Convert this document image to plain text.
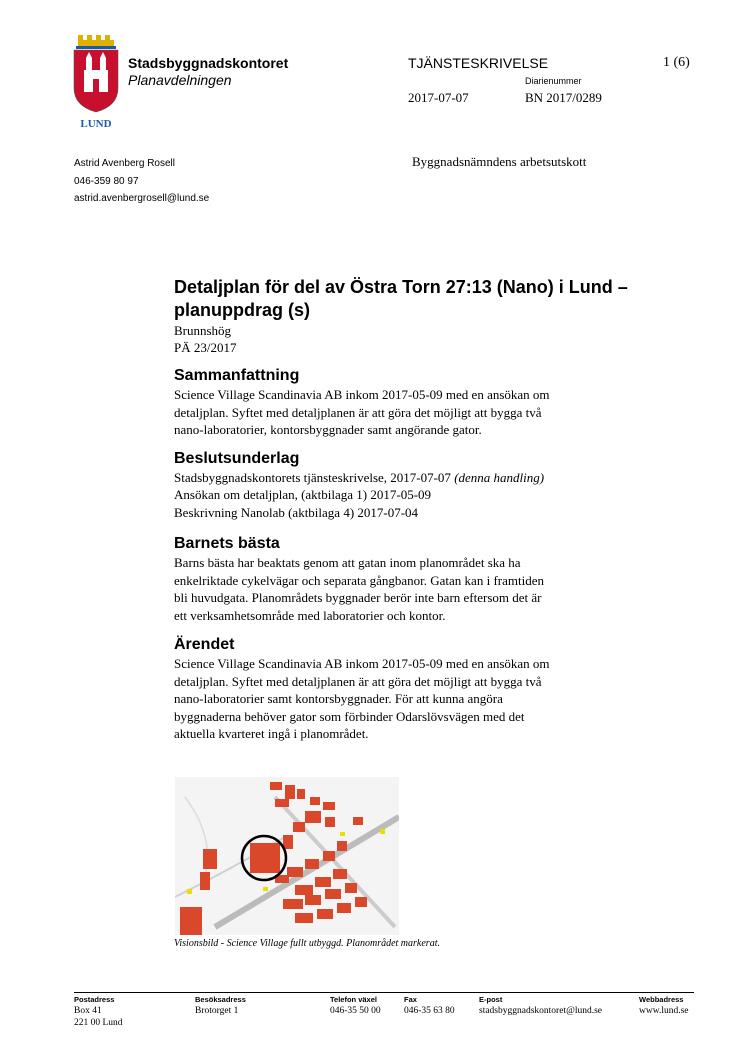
LUND
Stadsbyggnadskontoret
Planavdelningen
TJÄNSTESKRIVELSE	1 (6)
Diarienummer
2017-07-07	BN 2017/0289
Astrid Avenberg Rosell
046-359 80 97
astrid.avenbergrosell@lund.se
Byggnadsnämndens arbetsutskott
Detaljplan för del av Östra Torn 27:13 (Nano) i Lund –
planuppdrag (s)
Brunnshög
PÄ 23/2017
Sammanfattning

Science Village Scandinavia AB inkom 2017-05-09 med en ansökan om

detaljplan. Syftet med detaljplanen är att göra det möjligt att bygga två

nano-laboratorier, kontorsbyggnader samt angörande gator.

Beslutsunderlag

Stadsbyggnadskontorets tjänsteskrivelse, 2017-07-07 (denna handling)

Ansökan om detaljplan, (aktbilaga 1) 2017-05-09

Beskrivning Nanolab (aktbilaga 4) 2017-07-04

Barnets bästa

Barns bästa har beaktats genom att gatan inom planområdet ska ha

enkelriktade cykelvägar och separata gångbanor. Gatan kan i framtiden

bli huvudgata. Planområdets byggnader berör inte barn eftersom det är

ett verksamhetsområde med laboratorier och kontor.

Ärendet

Science Village Scandinavia AB inkom 2017-05-09 med en ansökan om

detaljplan. Syftet med detaljplanen är att göra det möjligt att bygga två

nano-laboratorier samt kontorsbyggnader. För att kunna angöra

byggnaderna behöver gator som förbinder Odarslövsvägen med det

aktuella kvarteret ingå i planområdet.

Visionsbild - Science Village fullt utbyggd. Planområdet markerat.
Postadress
Box 41
221 00 Lund
Besöksadress
Brotorget 1
Telefon växel
046-35 50 00
Fax
046-35 63 80
E-post
stadsbyggnadskontoret@lund.se
Webbadress
www.lund.se
